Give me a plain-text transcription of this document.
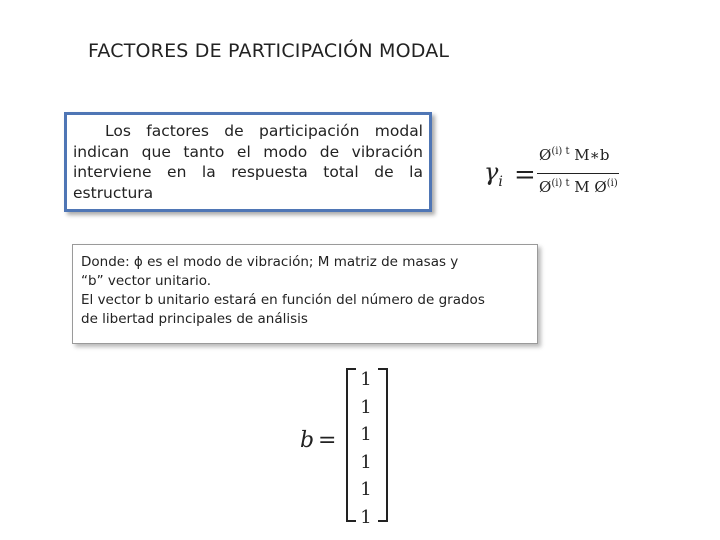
FACTORES DE PARTICIPACIÓN MODAL
Los factores de participación modal indican que tanto el modo de vibración interviene en la respuesta total de la estructura
$\gamma_i$ =
$Ø^{(i) t}$ M∗b
$Ø^{(i) t}$ M $Ø^{(i)}$

Donde: ϕ es el modo de vibración; M matriz de masas y

“b” vector unitario.

El vector b unitario estará en función del número de grados

de libertad principales de análisis

b =
1
1
1
1
1
1
